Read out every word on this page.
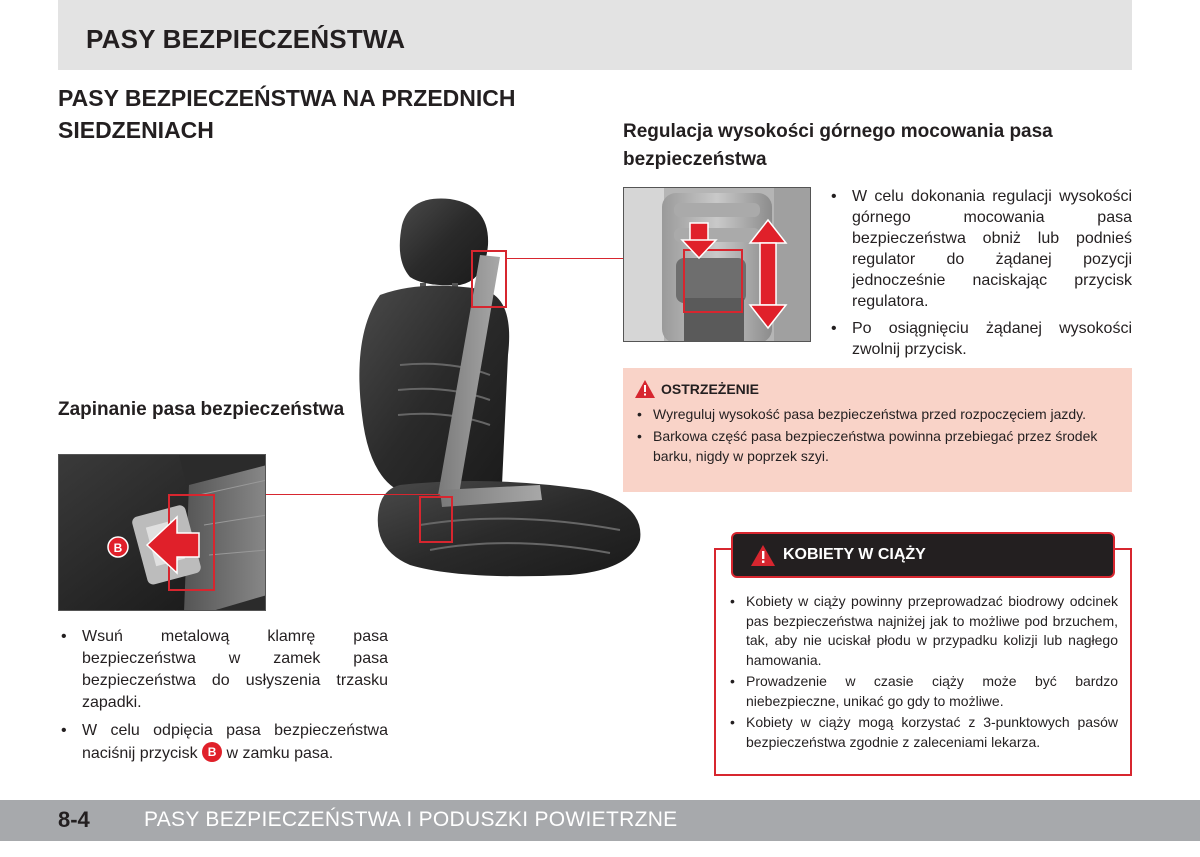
PASY BEZPIECZEŃSTWA
PASY BEZPIECZEŃSTWA NA PRZEDNICH SIEDZENIACH	Regulacja wysokości górnego mocowania pasa bezpieczeństwa
• W celu dokonania regulacji wysokości górnego mocowania pasa bezpieczeństwa obniż lub podnieś regulator do żądanej pozycji jednocześnie naciskając przycisk regulatora.
• Po osiągnięciu żądanej wysokości zwolnij przycisk.
OSTRZEŻENIE
• Wyreguluj wysokość pasa bezpieczeństwa przed rozpoczęciem jazdy.
• Barkowa część pasa bezpieczeństwa powinna przebiegać przez środek barku, nigdy w poprzek szyi.
Zapinanie pasa bezpieczeństwa
B
• Wsuń metalową klamrę pasa bezpieczeństwa w zamek pasa bezpieczeństwa do usłyszenia trzasku zapadki.
• W celu odpięcia pasa bezpieczeństwa naciśnij przycisk B w zamku pasa.
KOBIETY W CIĄŻY
• Kobiety w ciąży powinny przeprowadzać biodrowy odcinek pas bezpieczeństwa najniżej jak to możliwe pod brzuchem, tak, aby nie uciskał płodu w przypadku kolizji lub nagłego hamowania.
• Prowadzenie w czasie ciąży może być bardzo niebezpieczne, unikać go gdy to możliwe.
• Kobiety w ciąży mogą korzystać z 3-punktowych pasów bezpieczeństwa zgodnie z zaleceniami lekarza.
8-4	PASY BEZPIECZEŃSTWA I PODUSZKI POWIETRZNE
